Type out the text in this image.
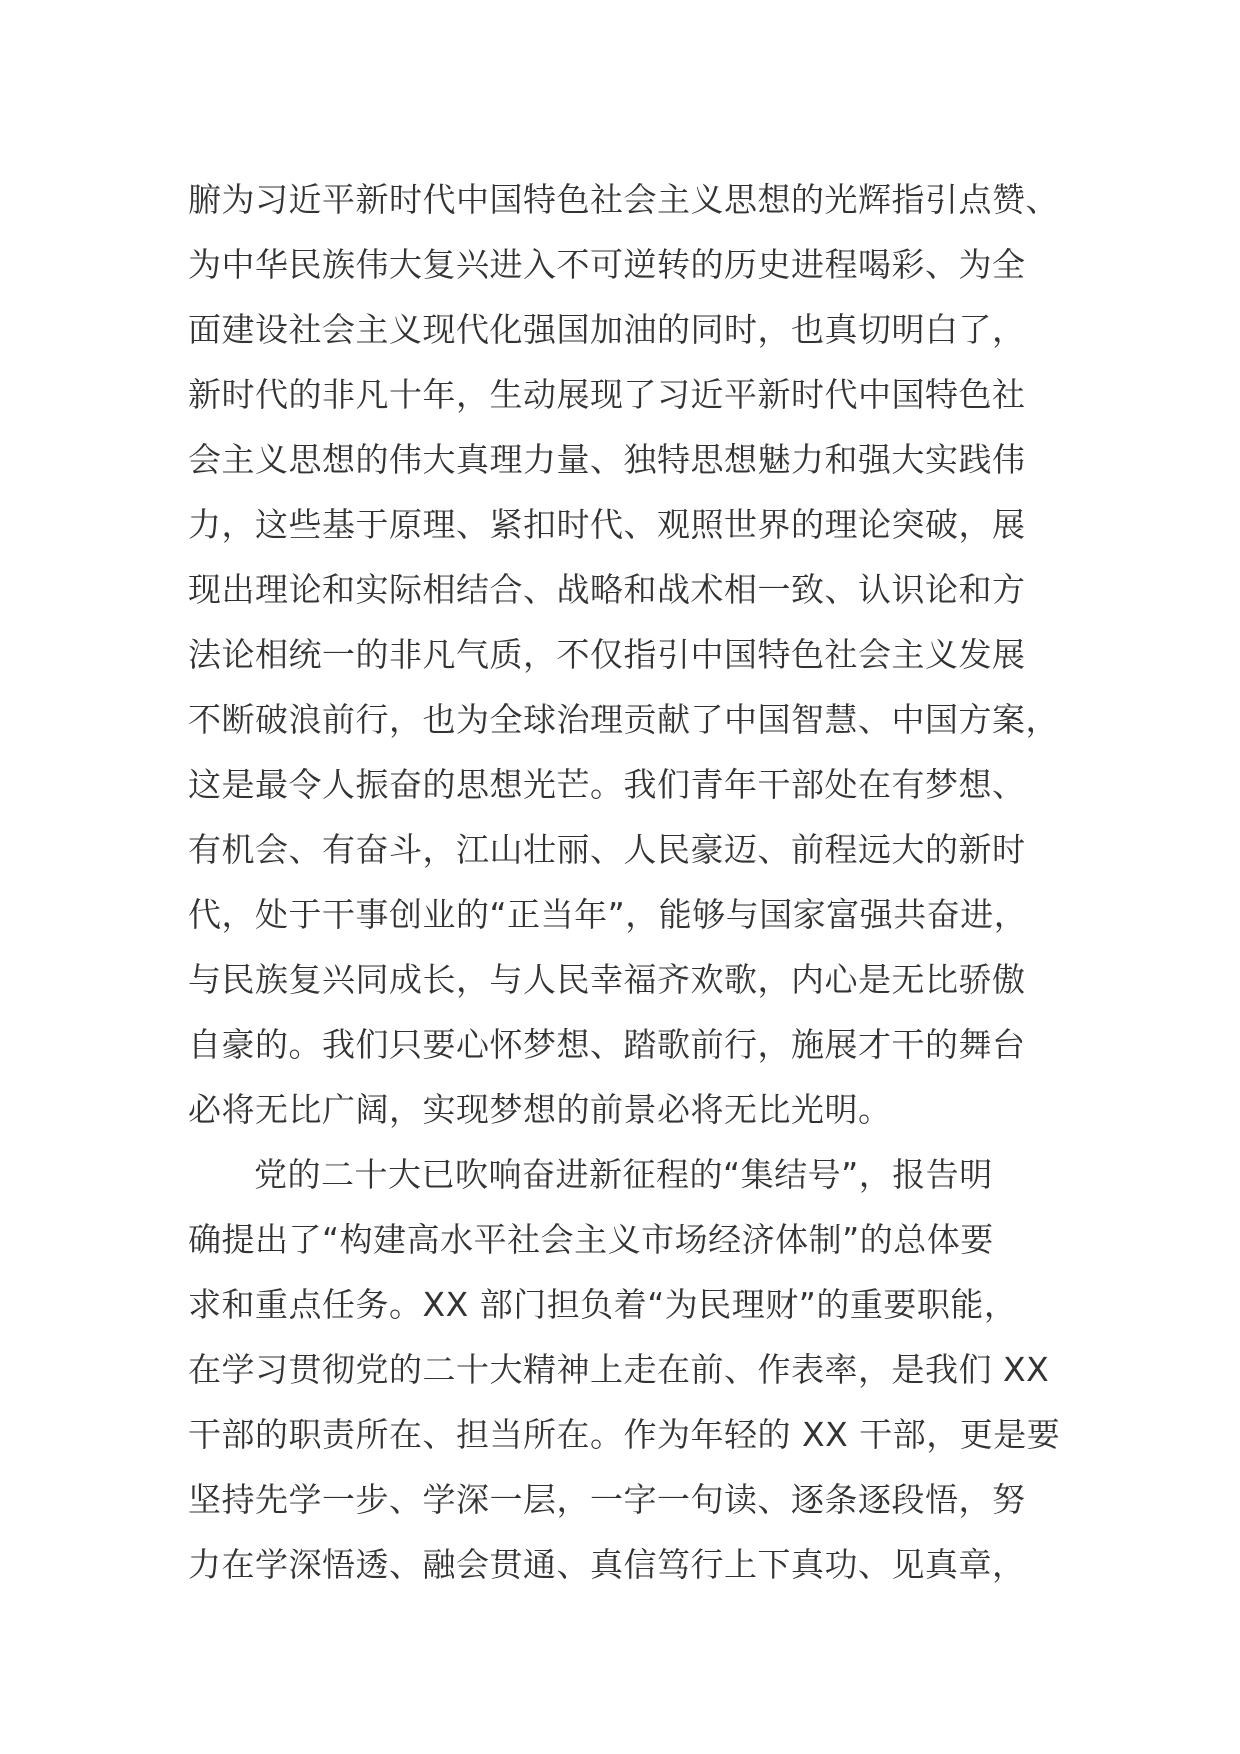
腑为习近平新时代中国特色社会主义思想的光辉指引点赞、
为中华民族伟大复兴进入不可逆转的历史进程喝彩、为全
面建设社会主义现代化强国加油的同时，也真切明白了，
新时代的非凡十年，生动展现了习近平新时代中国特色社
会主义思想的伟大真理力量、独特思想魅力和强大实践伟
力，这些基于原理、紧扣时代、观照世界的理论突破，展
现出理论和实际相结合、战略和战术相一致、认识论和方
法论相统一的非凡气质，不仅指引中国特色社会主义发展
不断破浪前行，也为全球治理贡献了中国智慧、中国方案，
这是最令人振奋的思想光芒。我们青年干部处在有梦想、
有机会、有奋斗，江山壮丽、人民豪迈、前程远大的新时
代，处于干事创业的“正当年”，能够与国家富强共奋进，
与民族复兴同成长，与人民幸福齐欢歌，内心是无比骄傲
自豪的。我们只要心怀梦想、踏歌前行，施展才干的舞台
必将无比广阔，实现梦想的前景必将无比光明。
党的二十大已吹响奋进新征程的“集结号”，报告明
确提出了“构建高水平社会主义市场经济体制”的总体要
求和重点任务。XX 部门担负着“为民理财”的重要职能，
在学习贯彻党的二十大精神上走在前、作表率，是我们 XX
干部的职责所在、担当所在。作为年轻的 XX 干部，更是要
坚持先学一步、学深一层，一字一句读、逐条逐段悟，努
力在学深悟透、融会贯通、真信笃行上下真功、见真章，
